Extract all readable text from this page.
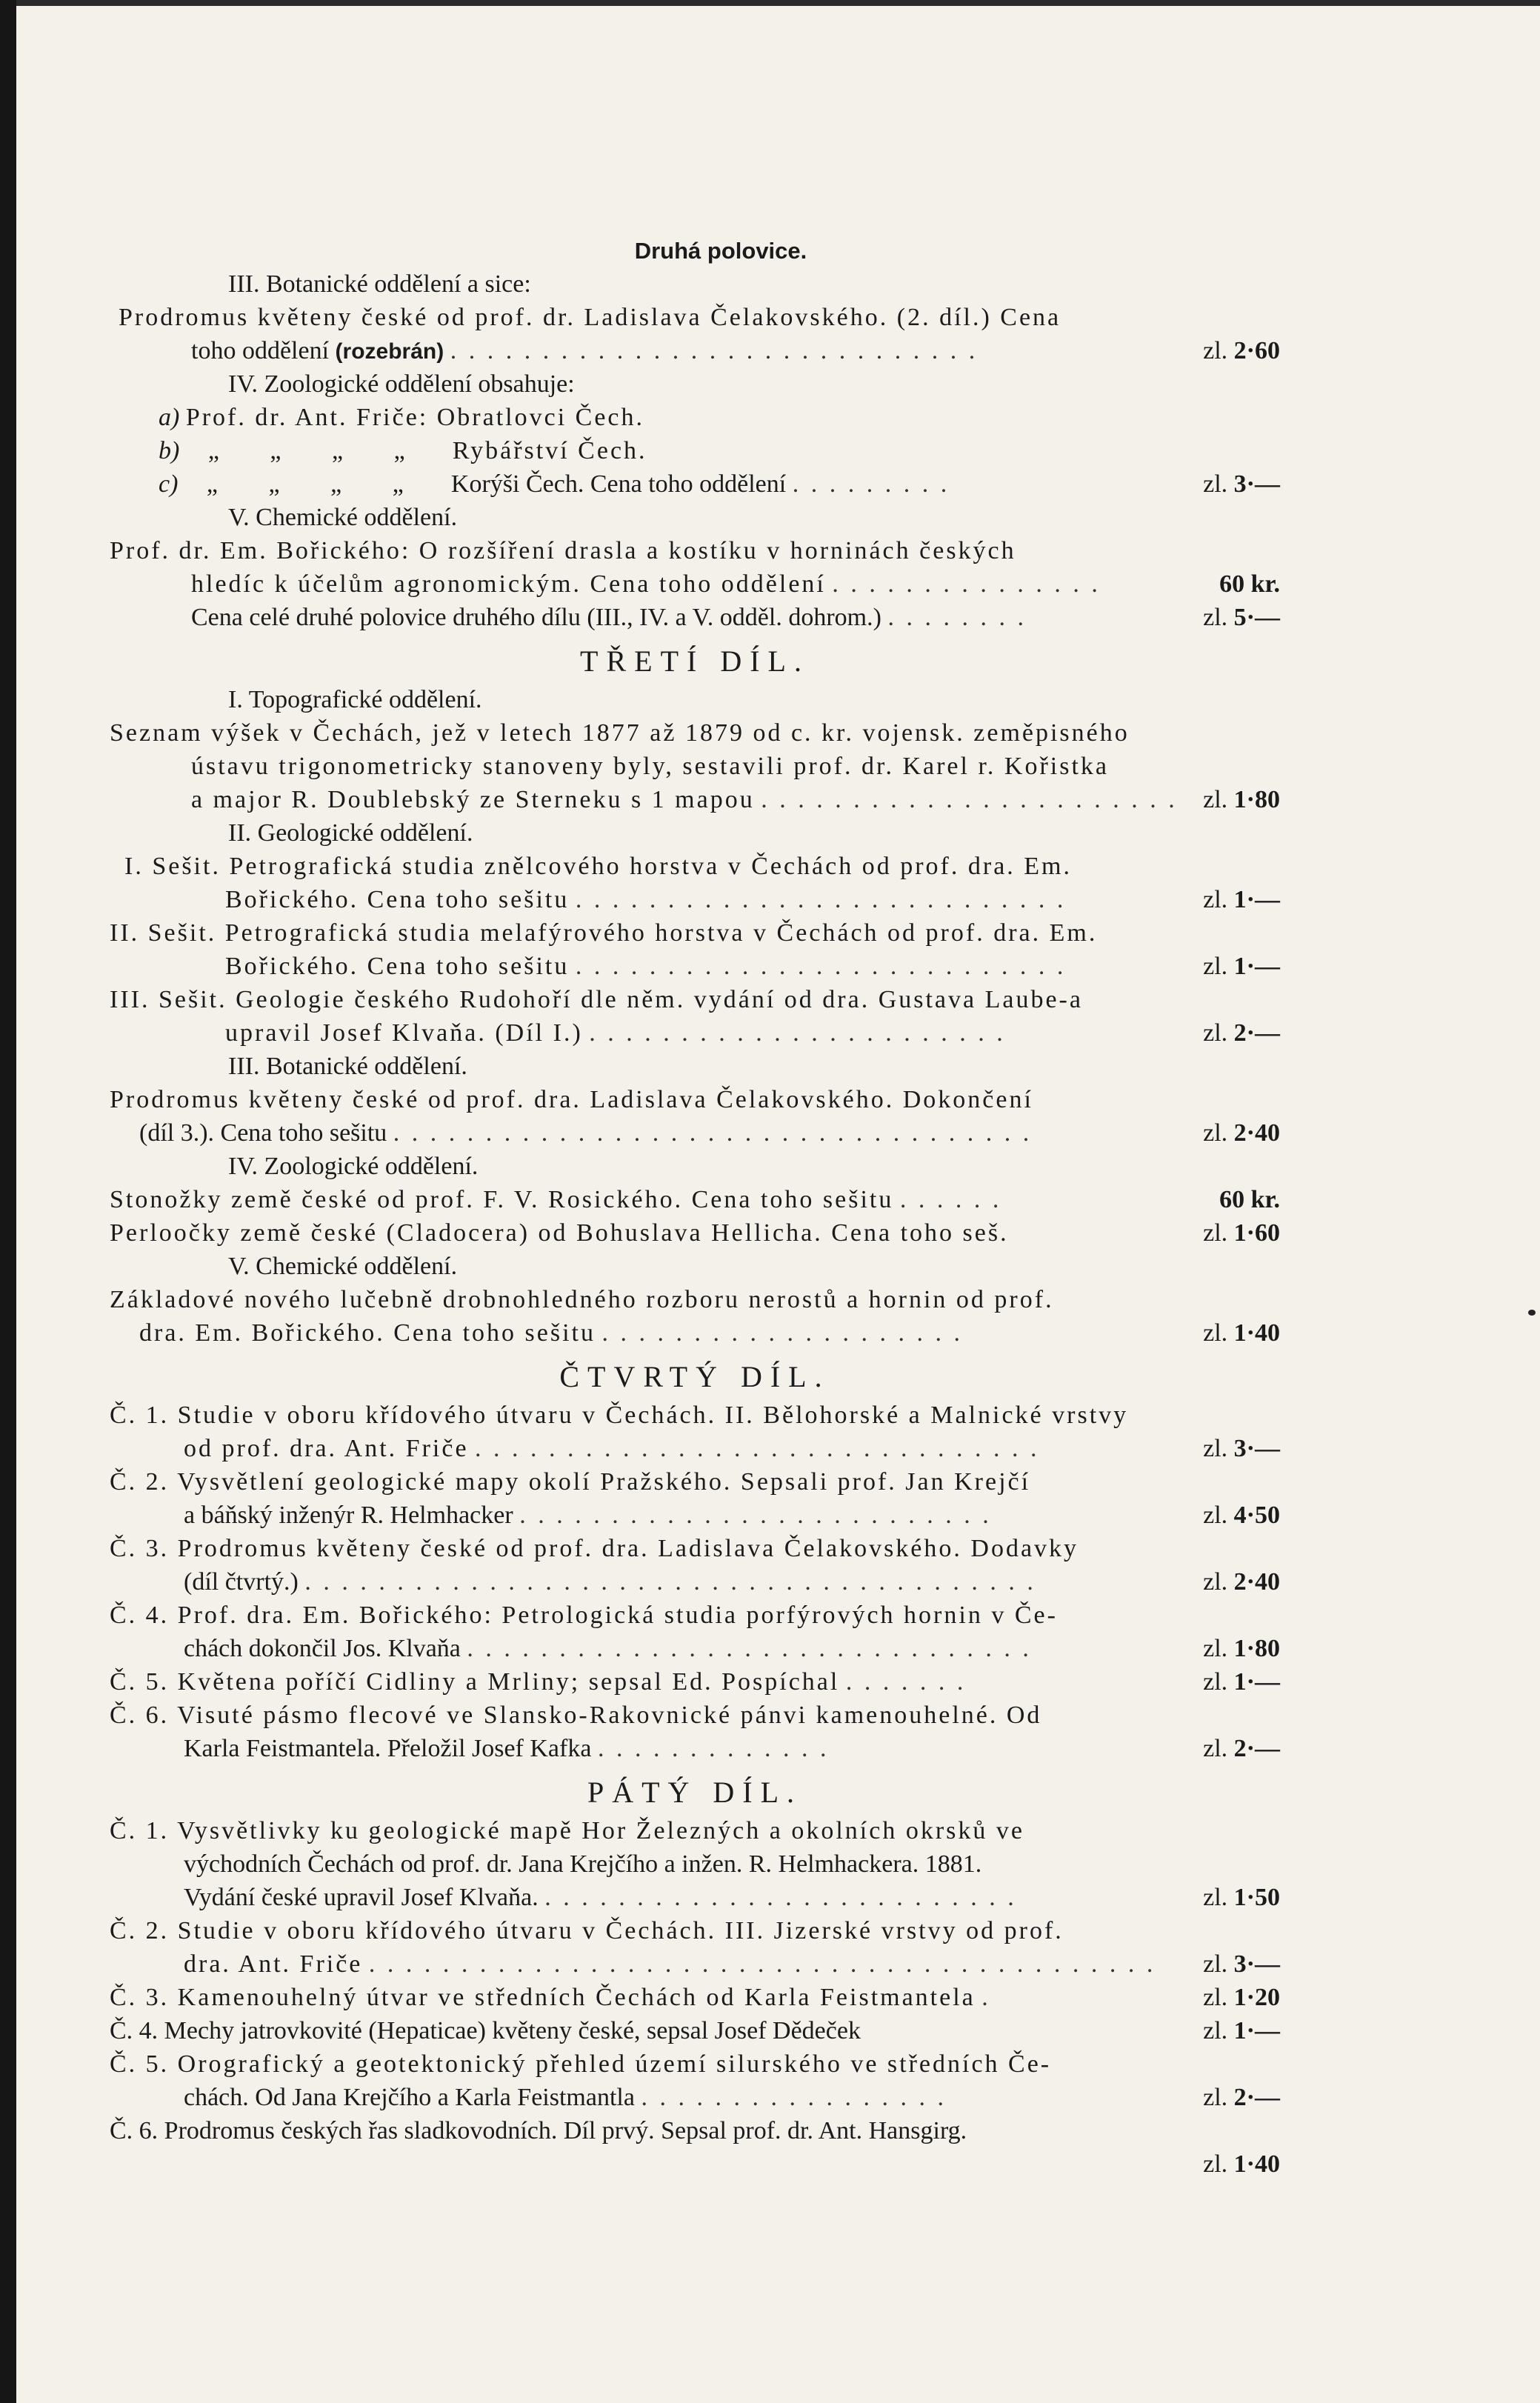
Druhá polovice.
III. Botanické oddělení a sice:
Prodromus květeny české od prof. dr. Ladislava Čelakovského. (2. díl.) Cena
toho oddělení (rozebrán) . . . . . . . . . . . . . . . . . . . . . . . . . . . . .	zl. 2·60
IV. Zoologické oddělení obsahuje:
a) Prof. dr. Ant. Friče: Obratlovci Čech.
b) „ „ „ „ Rybářství Čech.
c) „ „ „ „ Korýši Čech. Cena toho oddělení . . . . . . . . .	zl. 3·—
V. Chemické oddělení.
Prof. dr. Em. Bořického: O rozšíření drasla a kostíku v horninách českých
hledíc k účelům agronomickým. Cena toho oddělení . . . . . . . . . . . . . . .	60 kr.
Cena celé druhé polovice druhého dílu (III., IV. a V. odděl. dohrom.) . . . . . . . .	zl. 5·—
TŘETÍ DÍL.
I. Topografické oddělení.
Seznam výšek v Čechách, jež v letech 1877 až 1879 od c. kr. vojensk. zeměpisného
ústavu trigonometricky stanoveny byly, sestavili prof. dr. Karel r. Kořistka
a major R. Doublebský ze Sterneku s 1 mapou . . . . . . . . . . . . . . . . . . . . . . . zl. 1·80
II. Geologické oddělení.
I. Sešit. Petrografická studia znělcového horstva v Čechách od prof. dra. Em.
Bořického. Cena toho sešitu . . . . . . . . . . . . . . . . . . . . . . . . . . .	zl. 1·—
II. Sešit. Petrografická studia melafýrového horstva v Čechách od prof. dra. Em.
Bořického. Cena toho sešitu . . . . . . . . . . . . . . . . . . . . . . . . . . .	zl. 1·—
III. Sešit. Geologie českého Rudohoří dle něm. vydání od dra. Gustava Laube-a
upravil Josef Klvaňa. (Díl I.) . . . . . . . . . . . . . . . . . . . . . . .	zl. 2·—
III. Botanické oddělení.
Prodromus květeny české od prof. dra. Ladislava Čelakovského. Dokončení
(díl 3.). Cena toho sešitu . . . . . . . . . . . . . . . . . . . . . . . . . . . . . . . . . . .	zl. 2·40
IV. Zoologické oddělení.
Stonožky země české od prof. F. V. Rosického. Cena toho sešitu . . . . . .	60 kr.
Perloočky země české (Cladocera) od Bohuslava Hellicha. Cena toho seš.	zl. 1·60
V. Chemické oddělení.
Základové nového lučebně drobnohledného rozboru nerostů a hornin od prof.
dra. Em. Bořického. Cena toho sešitu . . . . . . . . . . . . . . . . . . . .	zl. 1·40
ČTVRTÝ DÍL.
Č. 1. Studie v oboru křídového útvaru v Čechách. II. Bělohorské a Malnické vrstvy
od prof. dra. Ant. Friče . . . . . . . . . . . . . . . . . . . . . . . . . . . . . . .	zl. 3·—
Č. 2. Vysvětlení geologické mapy okolí Pražského. Sepsali prof. Jan Krejčí
a báňský inženýr R. Helmhacker . . . . . . . . . . . . . . . . . . . . . . . . . .	zl. 4·50
Č. 3. Prodromus květeny české od prof. dra. Ladislava Čelakovského. Dodavky
(díl čtvrtý.) . . . . . . . . . . . . . . . . . . . . . . . . . . . . . . . . . . . . . . . .	zl. 2·40
Č. 4. Prof. dra. Em. Bořického: Petrologická studia porfýrových hornin v Če-
chách dokončil Jos. Klvaňa . . . . . . . . . . . . . . . . . . . . . . . . . . . . . . .	zl. 1·80
Č. 5. Květena poříčí Cidliny a Mrliny; sepsal Ed. Pospíchal . . . . . . .	zl. 1·—
Č. 6. Visuté pásmo flecové ve Slansko-Rakovnické pánvi kamenouhelné. Od
Karla Feistmantela. Přeložil Josef Kafka . . . . . . . . . . . . .	zl. 2·—
PÁTÝ DÍL.
Č. 1. Vysvětlivky ku geologické mapě Hor Železných a okolních okrsků ve
východních Čechách od prof. dr. Jana Krejčího a inžen. R. Helmhackera. 1881.
Vydání české upravil Josef Klvaňa. . . . . . . . . . . . . . . . . . . . . . . . . . .	zl. 1·50
Č. 2. Studie v oboru křídového útvaru v Čechách. III. Jizerské vrstvy od prof.
dra. Ant. Friče . . . . . . . . . . . . . . . . . . . . . . . . . . . . . . . . . . . . . . . . . . . zl. 3·—
Č. 3. Kamenouhelný útvar ve středních Čechách od Karla Feistmantela .	zl. 1·20
Č. 4. Mechy jatrovkovité (Hepaticae) květeny české, sepsal Josef Dědeček	zl. 1·—
Č. 5. Orografický a geotektonický přehled území silurského ve středních Če-
chách. Od Jana Krejčího a Karla Feistmantla . . . . . . . . . . . . . . . . .	zl. 2·—
Č. 6. Prodromus českých řas sladkovodních. Díl prvý. Sepsal prof. dr. Ant. Hansgirg.
zl. 1·40
